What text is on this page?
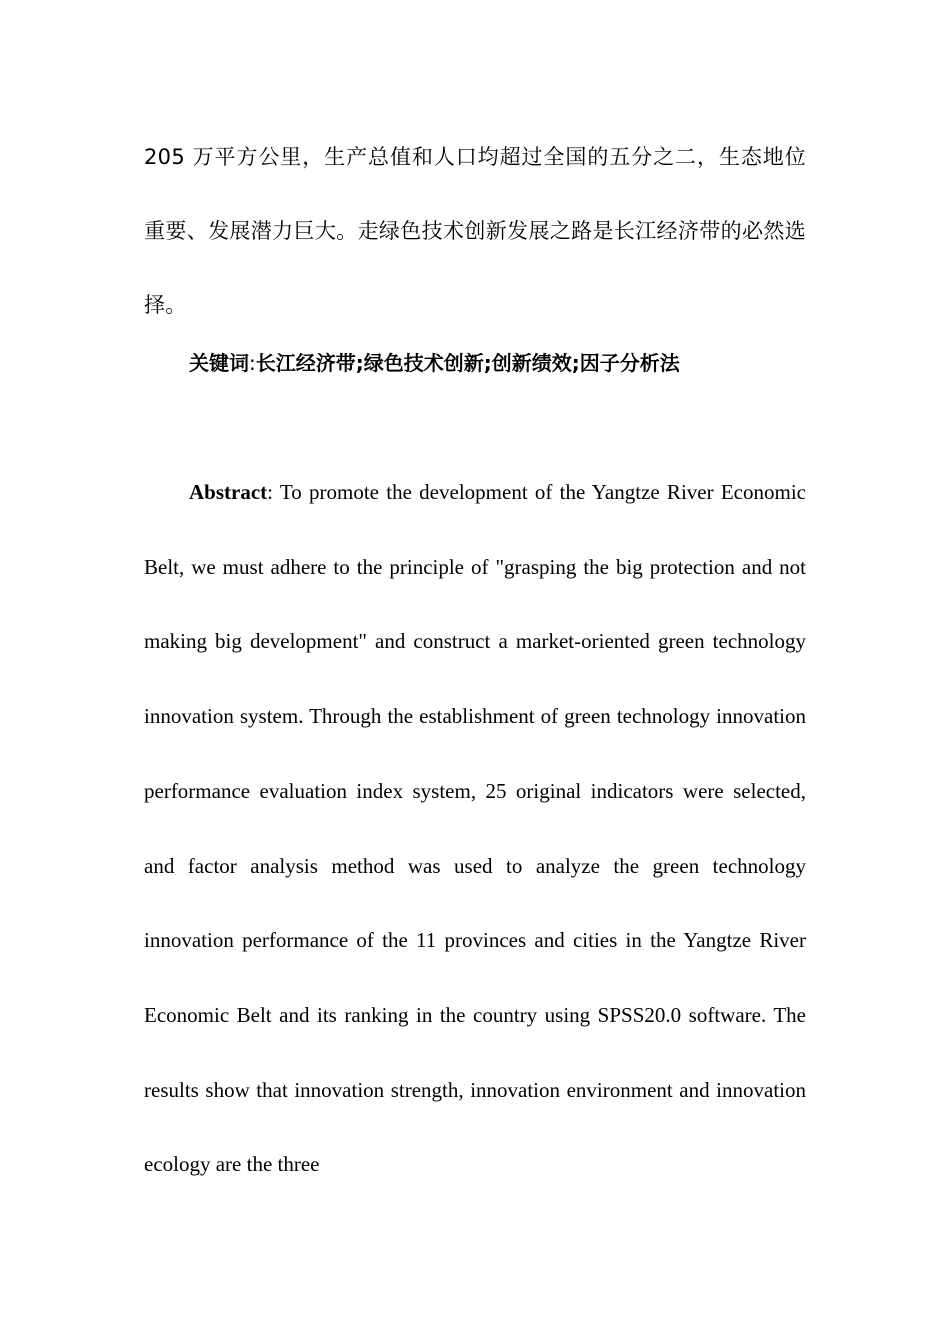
205 万平方公里，生产总值和人口均超过全国的五分之二，生态地位重要、发展潜力巨大。走绿色技术创新发展之路是长江经济带的必然选择。

关键词:长江经济带;绿色技术创新;创新绩效;因子分析法

Abstract: To promote the development of the Yangtze River Economic Belt, we must adhere to the principle of "grasping the big protection and not making big development" and construct a market-oriented green technology innovation system. Through the establishment of green technology innovation performance evaluation index system, 25 original indicators were selected, and factor analysis method was used to analyze the green technology innovation performance of the 11 provinces and cities in the Yangtze River Economic Belt and its ranking in the country using SPSS20.0 software. The results show that innovation strength, innovation environment and innovation ecology are the three
